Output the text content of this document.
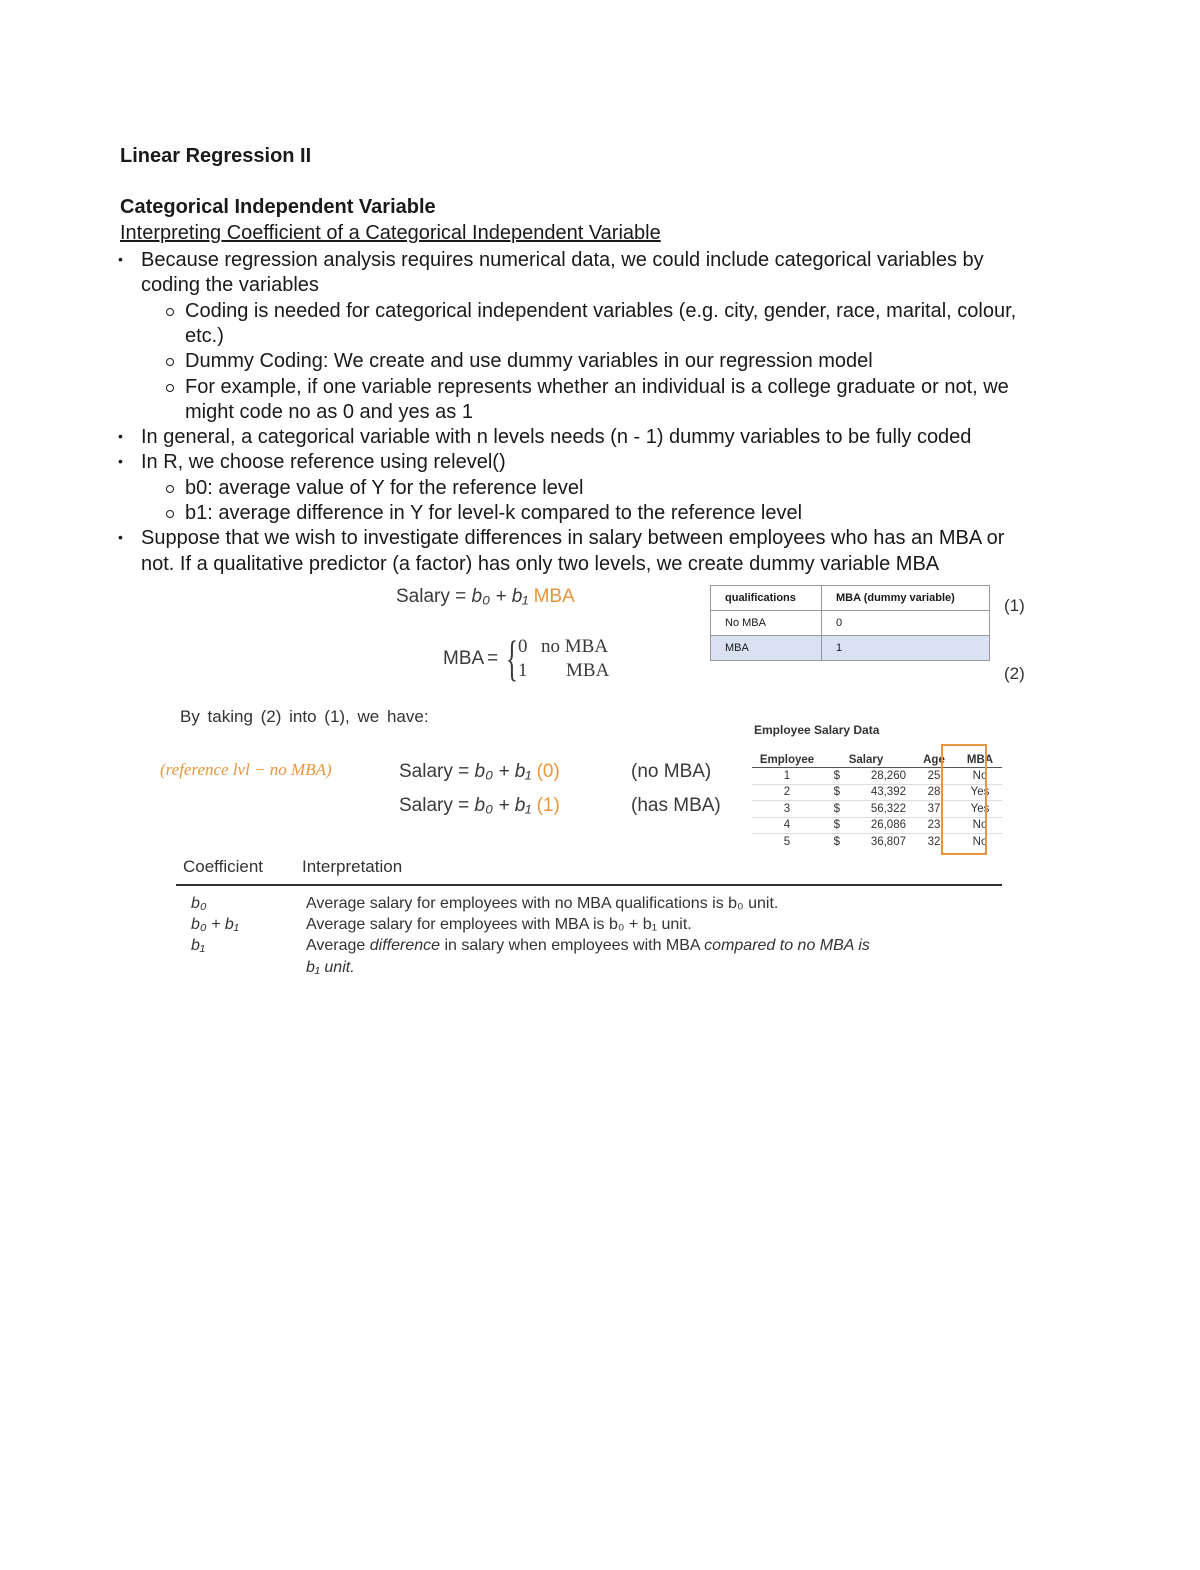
Linear Regression II
Categorical Independent Variable
Interpreting Coefficient of a Categorical Independent Variable
• Because regression analysis requires numerical data, we could include categorical variables by
coding the variables
Coding is needed for categorical independent variables (e.g. city, gender, race, marital, colour,
etc.)
Dummy Coding: We create and use dummy variables in our regression model
For example, if one variable represents whether an individual is a college graduate or not, we
might code no as 0 and yes as 1
• In general, a categorical variable with n levels needs (n - 1) dummy variables to be fully coded
• In R, we choose reference using relevel()
b0: average value of Y for the reference level
b1: average difference in Y for level-k compared to the reference level
• Suppose that we wish to investigate differences in salary between employees who has an MBA or
not. If a qualitative predictor (a factor) has only two levels, we create dummy variable MBA
Salary = b₀ + b₁ MBA
MBA = { 0 no MBA
1 MBA
qualifications	MBA (dummy variable)
No MBA	0
MBA	1
(1)
(2)
By taking (2) into (1), we have:
(reference lvl − no MBA)	Salary = b₀ + b₁ (0)	(no MBA)
Salary = b₀ + b₁ (1)	(has MBA)
Employee Salary Data
Employee	Salary		Age	MBA
1	$	28,260	25	No
2	$	43,392	28	Yes
3	$	56,322	37	Yes
4	$	26,086	23	No
5	$	36,807	32	No
Coefficient Interpretation
b₀	Average salary for employees with no MBA qualifications is b₀ unit.
b₀ + b₁	Average salary for employees with MBA is b₀ + b₁ unit.
b₁	Average difference in salary when employees with MBA compared to no MBA is
b₁ unit.
